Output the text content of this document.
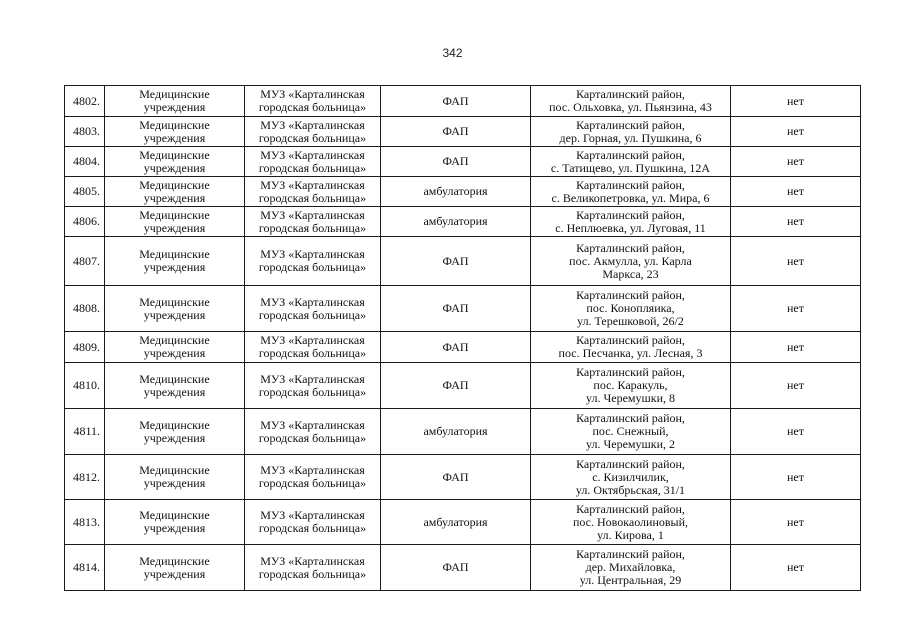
342
4802.	Медицинские
учреждения	МУЗ «Карталинская
городская больница»	ФАП	Карталинский район,
пос. Ольховка, ул. Пьянзина, 43	нет
4803.	Медицинские
учреждения	МУЗ «Карталинская
городская больница»	ФАП	Карталинский район,
дер. Горная, ул. Пушкина, 6	нет
4804.	Медицинские
учреждения	МУЗ «Карталинская
городская больница»	ФАП	Карталинский район,
с. Татищево, ул. Пушкина, 12А	нет
4805.	Медицинские
учреждения	МУЗ «Карталинская
городская больница»	амбулатория	Карталинский район,
с. Великопетровка, ул. Мира, 6	нет
4806.	Медицинские
учреждения	МУЗ «Карталинская
городская больница»	амбулатория	Карталинский район,
с. Неплюевка, ул. Луговая, 11	нет
4807.	Медицинские
учреждения	МУЗ «Карталинская
городская больница»	ФАП	Карталинский район,
пос. Акмулла, ул. Карла
Маркса, 23	нет
4808.	Медицинские
учреждения	МУЗ «Карталинская
городская больница»	ФАП	Карталинский район,
пос. Конопляика,
ул. Терешковой, 26/2	нет
4809.	Медицинские
учреждения	МУЗ «Карталинская
городская больница»	ФАП	Карталинский район,
пос. Песчанка, ул. Лесная, 3	нет
4810.	Медицинские
учреждения	МУЗ «Карталинская
городская больница»	ФАП	Карталинский район,
пос. Каракуль,
ул. Черемушки, 8	нет
4811.	Медицинские
учреждения	МУЗ «Карталинская
городская больница»	амбулатория	Карталинский район,
пос. Снежный,
ул. Черемушки, 2	нет
4812.	Медицинские
учреждения	МУЗ «Карталинская
городская больница»	ФАП	Карталинский район,
с. Кизилчилик,
ул. Октябрьская, 31/1	нет
4813.	Медицинские
учреждения	МУЗ «Карталинская
городская больница»	амбулатория	Карталинский район,
пос. Новокаолиновый,
ул. Кирова, 1	нет
4814.	Медицинские
учреждения	МУЗ «Карталинская
городская больница»	ФАП	Карталинский район,
дер. Михайловка,
ул. Центральная, 29	нет
